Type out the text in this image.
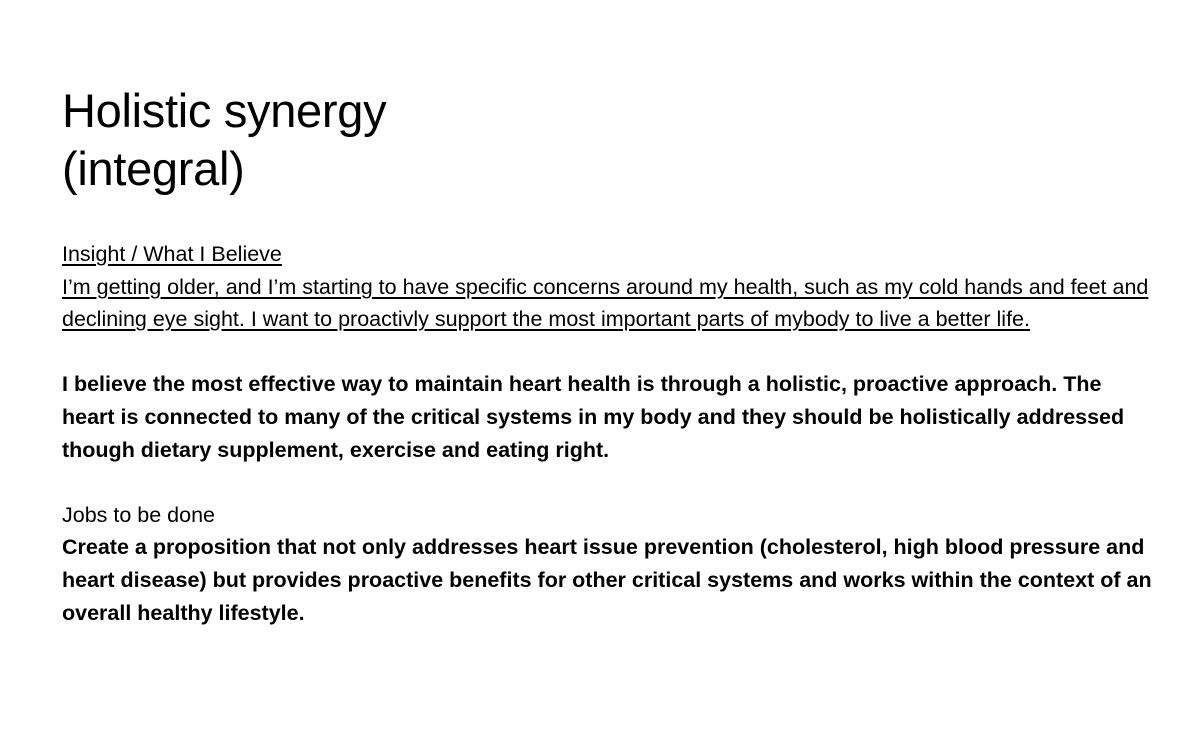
Holistic synergy
(integral)

Insight / What I Believe

I’m getting older, and I’m starting to have specific concerns around my health, such as my cold hands and feet and declining eye sight. I want to proactivly support the most important parts of mybody to live a better life.

I believe the most effective way to maintain heart health is through a holistic, proactive approach. The heart is connected to many of the critical systems in my body and they should be holistically addressed though dietary supplement, exercise and eating right.

Jobs to be done

Create a proposition that not only addresses heart issue prevention (cholesterol, high blood pressure and heart disease) but provides proactive benefits for other critical systems and works within the context of an overall healthy lifestyle.
